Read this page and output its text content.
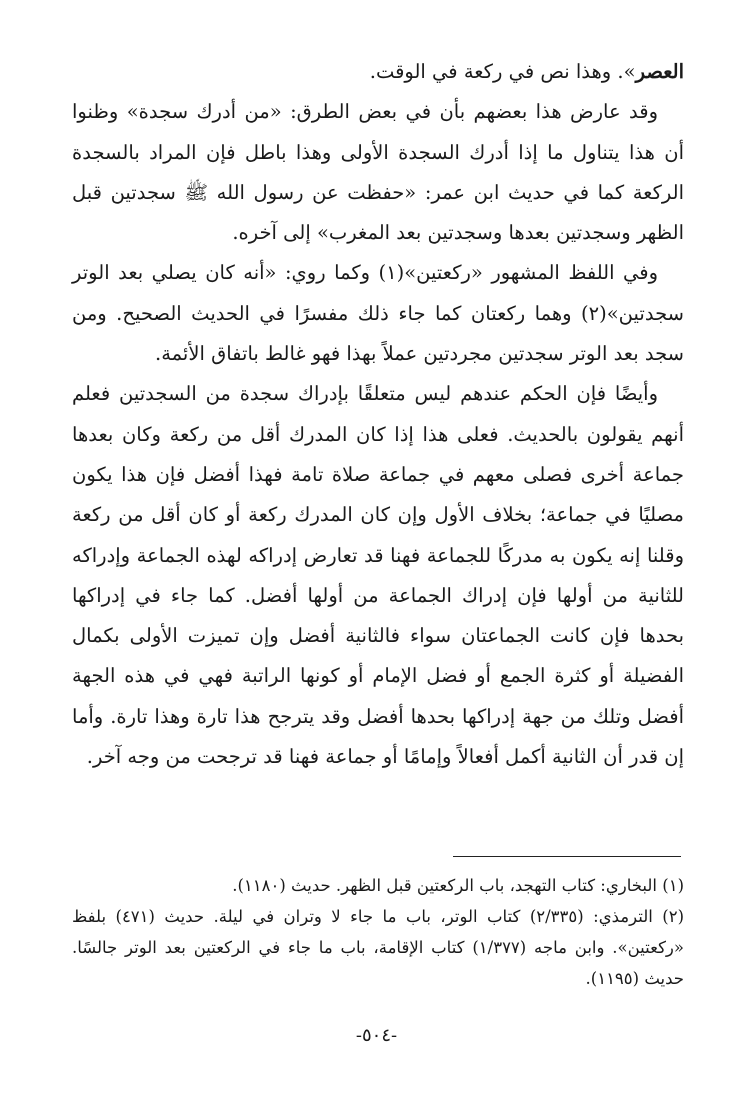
العصر». وهذا نص في ركعة في الوقت.

وقد عارض هذا بعضهم بأن في بعض الطرق: «من أدرك سجدة» وظنوا أن هذا يتناول ما إذا أدرك السجدة الأولى وهذا باطل فإن المراد بالسجدة الركعة كما في حديث ابن عمر: «حفظت عن رسول الله ﷺ سجدتين قبل الظهر وسجدتين بعدها وسجدتين بعد المغرب» إلى آخره.

وفي اللفظ المشهور «ركعتين»(١) وكما روي: «أنه كان يصلي بعد الوتر سجدتين»(٢) وهما ركعتان كما جاء ذلك مفسرًا في الحديث الصحيح. ومن سجد بعد الوتر سجدتين مجردتين عملاً بهذا فهو غالط باتفاق الأئمة.

وأيضًا فإن الحكم عندهم ليس متعلقًا بإدراك سجدة من السجدتين فعلم أنهم يقولون بالحديث. فعلى هذا إذا كان المدرك أقل من ركعة وكان بعدها جماعة أخرى فصلى معهم في جماعة صلاة تامة فهذا أفضل فإن هذا يكون مصليًا في جماعة؛ بخلاف الأول وإن كان المدرك ركعة أو كان أقل من ركعة وقلنا إنه يكون به مدركًا للجماعة فهنا قد تعارض إدراكه لهذه الجماعة وإدراكه للثانية من أولها فإن إدراك الجماعة من أولها أفضل. كما جاء في إدراكها بحدها فإن كانت الجماعتان سواء فالثانية أفضل وإن تميزت الأولى بكمال الفضيلة أو كثرة الجمع أو فضل الإمام أو كونها الراتبة فهي في هذه الجهة أفضل وتلك من جهة إدراكها بحدها أفضل وقد يترجح هذا تارة وهذا تارة. وأما إن قدر أن الثانية أكمل أفعالاً وإمامًا أو جماعة فهنا قد ترجحت من وجه آخر.

(١) البخاري: كتاب التهجد، باب الركعتين قبل الظهر. حديث (١١٨٠).

(٢) الترمذي: (٢/٣٣٥) كتاب الوتر، باب ما جاء لا وتران في ليلة. حديث (٤٧١) بلفظ «ركعتين». وابن ماجه (١/٣٧٧) كتاب الإقامة، باب ما جاء في الركعتين بعد الوتر جالسًا. حديث (١١٩٥).

-٥٠٤-
